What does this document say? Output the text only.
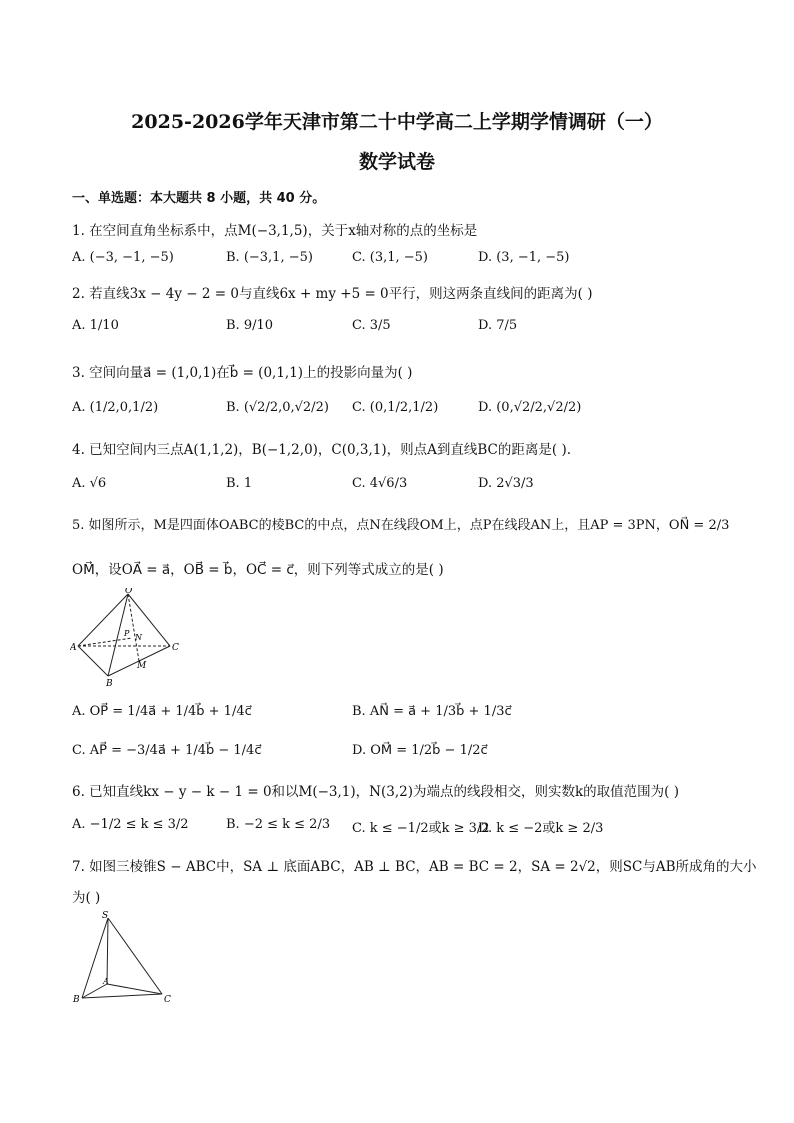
2025-2026学年天津市第二十中学高二上学期学情调研（一）
数学试卷
一、单选题：本大题共 8 小题，共 40 分。
1. 在空间直角坐标系中，点M(−3,1,5)，关于x轴对称的点的坐标是
A. (−3, −1, −5)	B. (−3,1, −5)	C. (3,1, −5)	D. (3, −1, −5)
2. 若直线3x − 4y − 2 = 0与直线6x + my +5 = 0平行，则这两条直线间的距离为( )
A. 1/10	B. 9/10	C. 3/5	D. 7/5
3. 空间向量a⃗ = (1,0,1)在b⃗ = (0,1,1)上的投影向量为( )
A. (1/2,0,1/2)	B. (√2/2,0,√2/2) C. (0,1/2,1/2)	D. (0,√2/2,√2/2)
4. 已知空间内三点A(1,1,2)，B(−1,2,0)，C(0,3,1)，则点A到直线BC的距离是( ).
A. √6	B. 1	C. 4√6/3	D. 2√3/3
5. 如图所示，M是四面体OABC的棱BC的中点，点N在线段OM上，点P在线段AN上，且AP = 3PN，ON⃗ = 2/3
OM⃗，设OA⃗ = a⃗，OB⃗ = b⃗，OC⃗ = c⃗，则下列等式成立的是( )
O
A
B
C
M
N
P
A. OP⃗ = 1/4a⃗ + 1/4b⃗ + 1/4c⃗	B. AN⃗ = a⃗ + 1/3b⃗ + 1/3c⃗
C. AP⃗ = −3/4a⃗ + 1/4b⃗ − 1/4c⃗	D. OM⃗ = 1/2b⃗ − 1/2c⃗
6. 已知直线kx − y − k − 1 = 0和以M(−3,1)，N(3,2)为端点的线段相交，则实数k的取值范围为( )
A. −1/2 ≤ k ≤ 3/2	B. −2 ≤ k ≤ 2/3 C. k ≤ −1/2或k ≥ 3/2
D. k ≤ −2或k ≥ 2/3
7. 如图三棱锥S − ABC中，SA ⊥ 底面ABC，AB ⊥ BC，AB = BC = 2，SA = 2√2，则SC与AB所成角的大小
为( )
S
A
B	C
